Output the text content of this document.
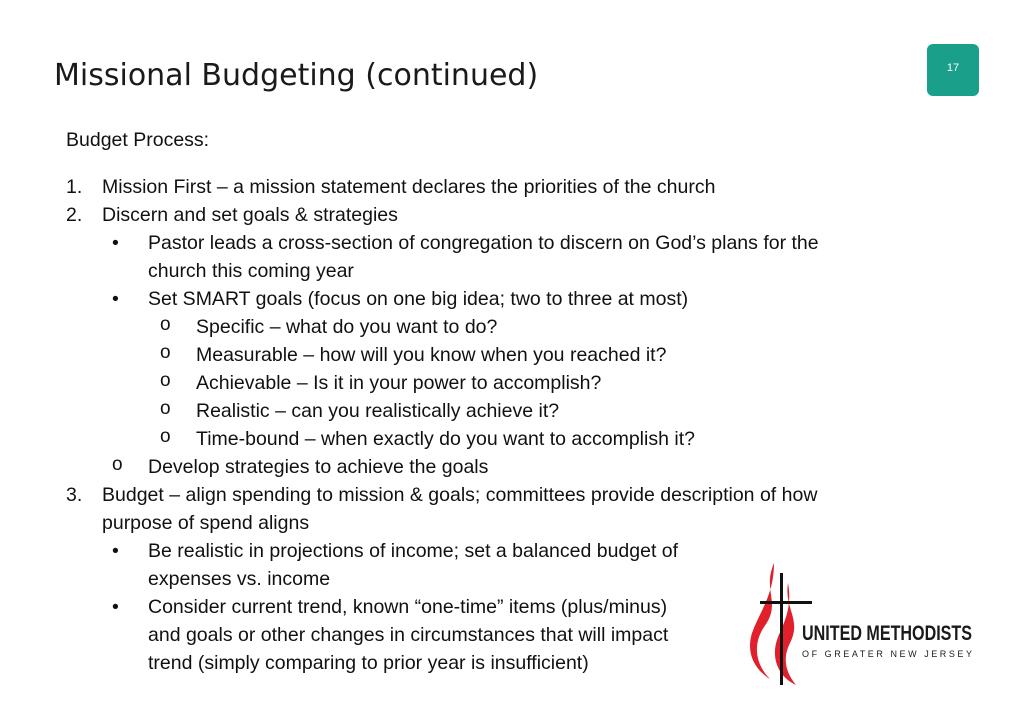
Missional Budgeting (continued)	17
Budget Process:
1. Mission First – a mission statement declares the priorities of the church
2. Discern and set goals & strategies
• Pastor leads a cross-section of congregation to discern on God’s plans for the
church this coming year
• Set SMART goals (focus on one big idea; two to three at most)
o Specific – what do you want to do?
o Measurable – how will you know when you reached it?
o Achievable – Is it in your power to accomplish?
o Realistic – can you realistically achieve it?
o Time-bound – when exactly do you want to accomplish it?
o Develop strategies to achieve the goals
3. Budget – align spending to mission & goals; committees provide description of how
purpose of spend aligns
• Be realistic in projections of income; set a balanced budget of
expenses vs. income
• Consider current trend, known “one-time” items (plus/minus)
and goals or other changes in circumstances that will impact
trend (simply comparing to prior year is insufficient)
UNITED METHODISTS
OF GREATER NEW JERSEY
